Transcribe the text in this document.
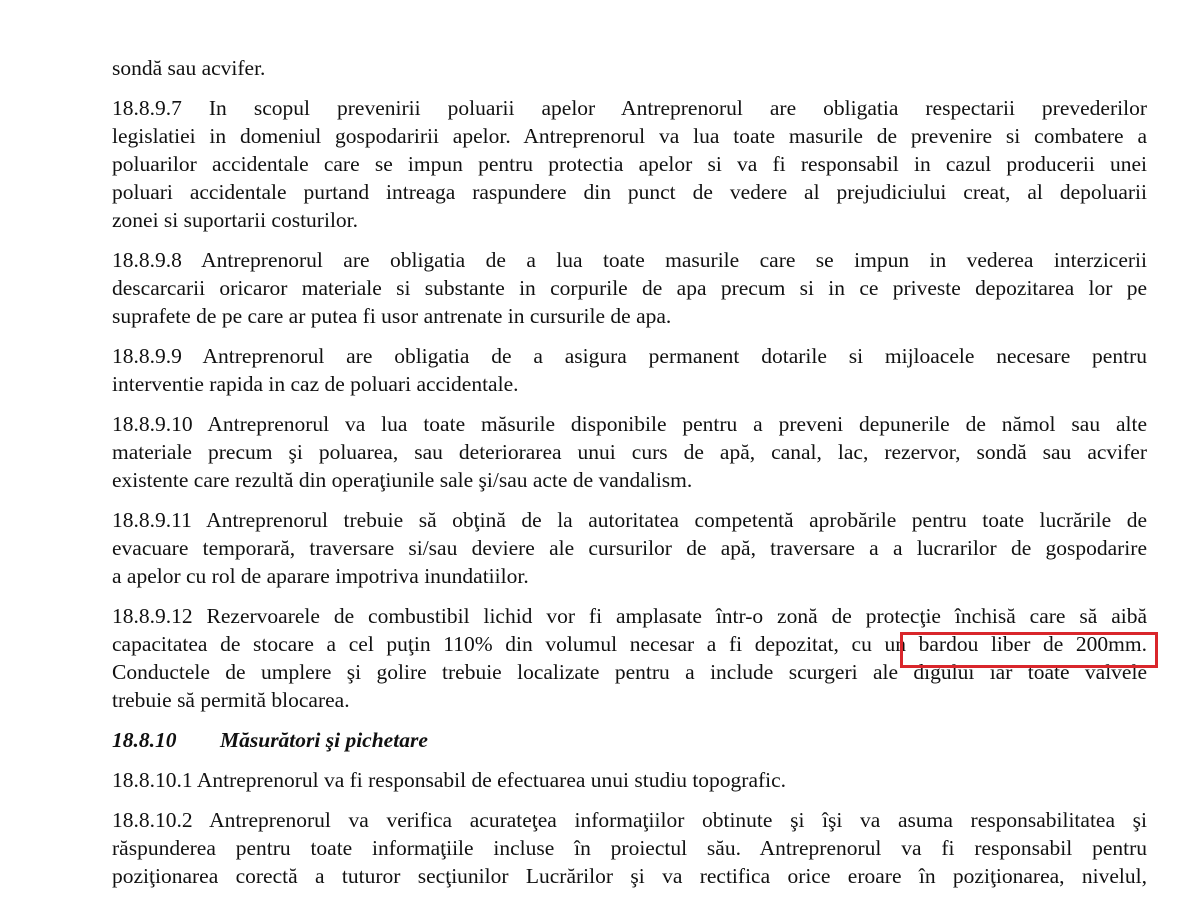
sondă sau acvifer.
18.8.9.7 In scopul prevenirii poluarii apelor Antreprenorul are obligatia respectarii prevederilor
legislatiei in domeniul gospodaririi apelor. Antreprenorul va lua toate masurile de prevenire si combatere a
poluarilor accidentale care se impun pentru protectia apelor si va fi responsabil in cazul producerii unei
poluari accidentale purtand intreaga raspundere din punct de vedere al prejudiciului creat, al depoluarii
zonei si suportarii costurilor.
18.8.9.8 Antreprenorul are obligatia de a lua toate masurile care se impun in vederea interzicerii
descarcarii oricaror materiale si substante in corpurile de apa precum si in ce priveste depozitarea lor pe
suprafete de pe care ar putea fi usor antrenate in cursurile de apa.
18.8.9.9 Antreprenorul are obligatia de a asigura permanent dotarile si mijloacele necesare pentru
interventie rapida in caz de poluari accidentale.
18.8.9.10 Antreprenorul va lua toate măsurile disponibile pentru a preveni depunerile de nămol sau alte
materiale precum şi poluarea, sau deteriorarea unui curs de apă, canal, lac, rezervor, sondă sau acvifer
existente care rezultă din operaţiunile sale şi/sau acte de vandalism.
18.8.9.11 Antreprenorul trebuie să obţină de la autoritatea competentă aprobările pentru toate lucrările de
evacuare temporară, traversare si/sau deviere ale cursurilor de apă, traversare a a lucrarilor de gospodarire
a apelor cu rol de aparare impotriva inundatiilor.
18.8.9.12 Rezervoarele de combustibil lichid vor fi amplasate într-o zonă de protecţie închisă care să aibă
capacitatea de stocare a cel puţin 110% din volumul necesar a fi depozitat, cu un bardou liber de 200mm.
Conductele de umplere şi golire trebuie localizate pentru a include scurgeri ale digului iar toate valvele
trebuie să permită blocarea.
18.8.10 Măsurători şi pichetare
18.8.10.1 Antreprenorul va fi responsabil de efectuarea unui studiu topografic.
18.8.10.2 Antreprenorul va verifica acurateţea informaţiilor obtinute şi îşi va asuma responsabilitatea şi
răspunderea pentru toate informaţiile incluse în proiectul său. Antreprenorul va fi responsabil pentru
poziţionarea corectă a tuturor secţiunilor Lucrărilor şi va rectifica orice eroare în poziţionarea, nivelul,
